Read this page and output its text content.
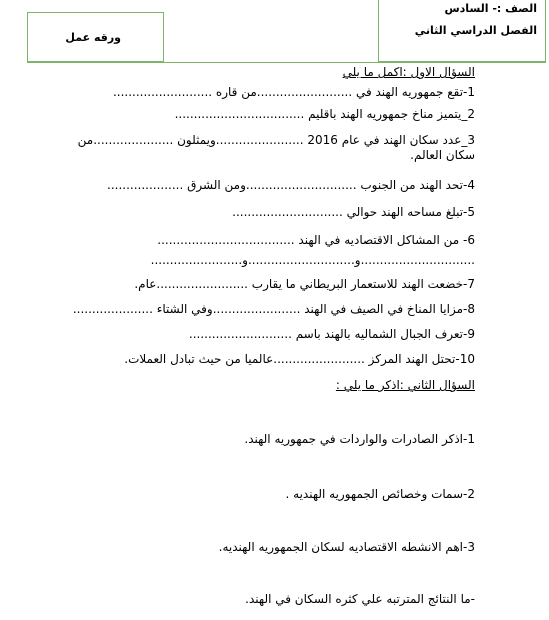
ورقه عمل
الصف :- السادس
الفصل الدراسي الثاني
السؤال الاول :اكمل ما يلي
1-تقع جمهوريه الهند في .........................من قاره ..........................
2_يتميز مناخ جمهوريه الهند باقليم ..................................
3_عدد سكان الهند في عام 2016 .......................ويمثلون .....................من سكان العالم.
4-تحد الهند من الجنوب .............................ومن الشرق ....................
5-تبلغ مساحه الهند حوالي .............................
6- من المشاكل الاقتصاديه في الهند ....................................
..............................و............................و........................
7-خضعت الهند للاستعمار البريطاني ما يقارب ........................عام.
8-مزايا المناخ في الصيف في الهند .......................وفي الشتاء .....................
9-تعرف الجبال الشماليه بالهند باسم ...........................
10-تحتل الهند المركز ........................عالميا من حيث تبادل العملات.
السؤال الثاني :اذكر ما يلي :
1-اذكر الصادرات والواردات في جمهوريه الهند.
2-سمات وخصائص الجمهوريه الهنديه .
3-اهم الانشطه الاقتصاديه لسكان الجمهوريه الهنديه.
-ما النتائج المترتبه علي كثره السكان في الهند.
